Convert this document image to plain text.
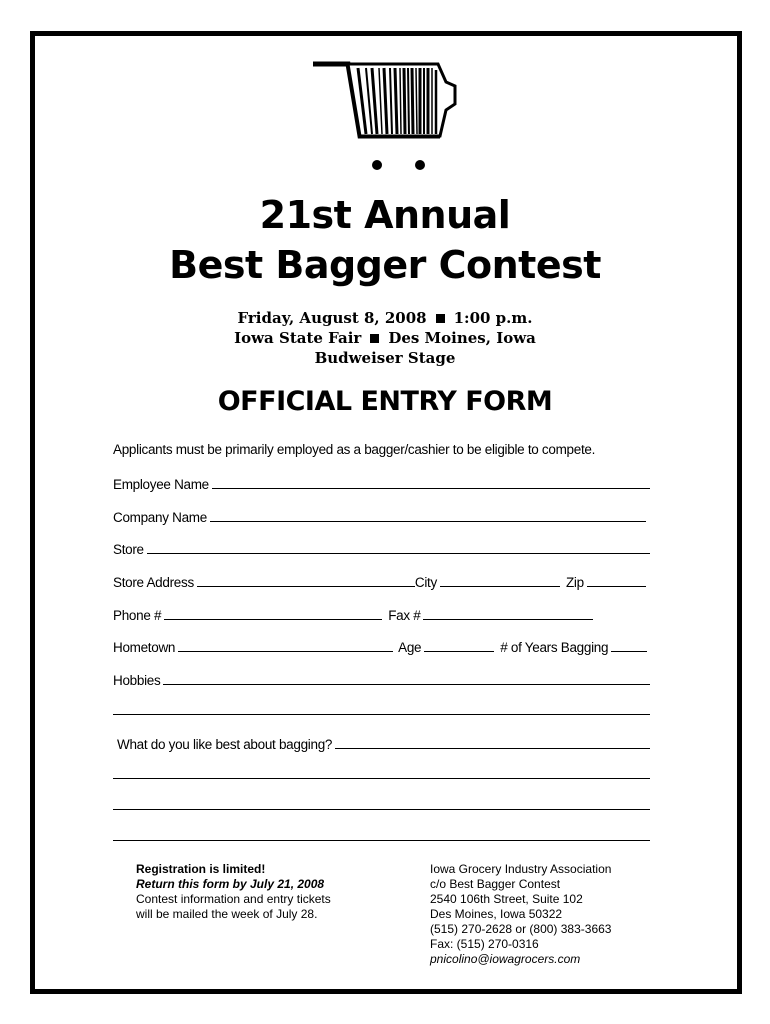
21st Annual
Best Bagger Contest
Friday, August 8, 2008 1:00 p.m.
Iowa State Fair Des Moines, Iowa
Budweiser Stage
OFFICIAL ENTRY FORM
Applicants must be primarily employed as a bagger/cashier to be eligible to compete.
Employee Name
Company Name
Store
Store Address	City	Zip
Phone #	Fax #
Hometown	Age	# of Years Bagging
Hobbies
What do you like best about bagging?
Registration is limited!
Return this form by July 21, 2008
Contest information and entry tickets
will be mailed the week of July 28.
Iowa Grocery Industry Association
c/o Best Bagger Contest
2540 106th Street, Suite 102
Des Moines, Iowa 50322
(515) 270-2628 or (800) 383-3663
Fax: (515) 270-0316
pnicolino@iowagrocers.com
